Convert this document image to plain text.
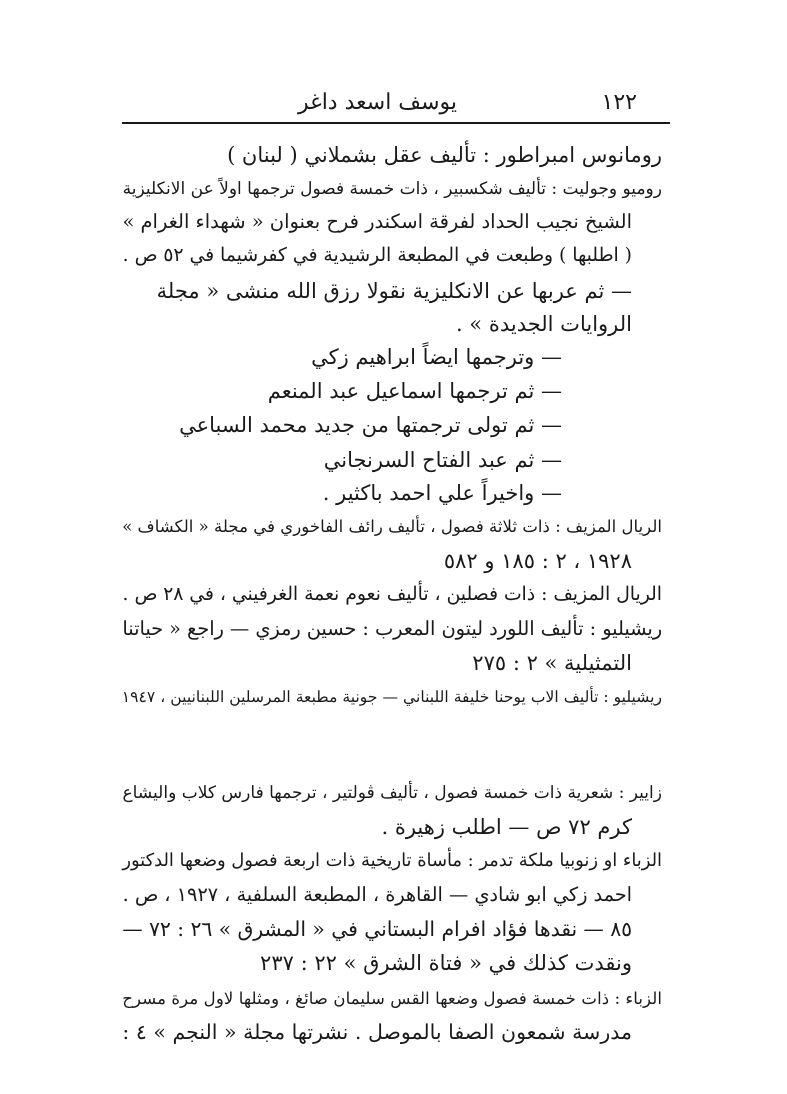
١٢٢
يوسف اسعد داغر
رومانوس امبراطور : تأليف عقل بشملاني ( لبنان )
روميو وجوليت : تأليف شكسبير ، ذات خمسة فصول ترجمها اولاً عن الانكليزية
الشيخ نجيب الحداد لفرقة اسكندر فرح بعنوان « شهداء الغرام »
( اطلبها ) وطبعت في المطبعة الرشيدية في كفرشيما في ٥٢ ص .
— ثم عربها عن الانكليزية نقولا رزق الله منشى « مجلة
الروايات الجديدة » .
— وترجمها ايضاً ابراهيم زكي
— ثم ترجمها اسماعيل عبد المنعم
— ثم تولى ترجمتها من جديد محمد السباعي
— ثم عبد الفتاح السرنجاني
— واخيراً علي احمد باكثير .
الريال المزيف : ذات ثلاثة فصول ، تأليف رائف الفاخوري في مجلة « الكشاف »
١٩٢٨ ، ٢ : ١٨٥ و ٥٨٢
الريال المزيف : ذات فصلين ، تأليف نعوم نعمة الغرفيني ، في ٢٨ ص .
ريشيليو : تأليف اللورد ليتون المعرب : حسين رمزي — راجع « حياتنا
التمثيلية » ٢ : ٢٧٥
ريشيليو : تأليف الاب يوحنا خليفة اللبناني — جونية مطبعة المرسلين اللبنانيين ، ١٩٤٧
زايير : شعرية ذات خمسة فصول ، تأليف ڤولتير ، ترجمها فارس كلاب واليشاع
كرم ٧٢ ص — اطلب زهيرة .
الزباء او زنوبيا ملكة تدمر : مأساة تاريخية ذات اربعة فصول وضعها الدكتور
احمد زكي ابو شادي — القاهرة ، المطبعة السلفية ، ١٩٢٧ ، ص .
٨٥ — نقدها فؤاد افرام البستاني في « المشرق » ٢٦ : ٧٢ —
ونقدت كذلك في « فتاة الشرق » ٢٢ : ٢٣٧
الزباء : ذات خمسة فصول وضعها القس سليمان صائغ ، ومثلها لاول مرة مسرح
مدرسة شمعون الصفا بالموصل . نشرتها مجلة « النجم » ٤ :
